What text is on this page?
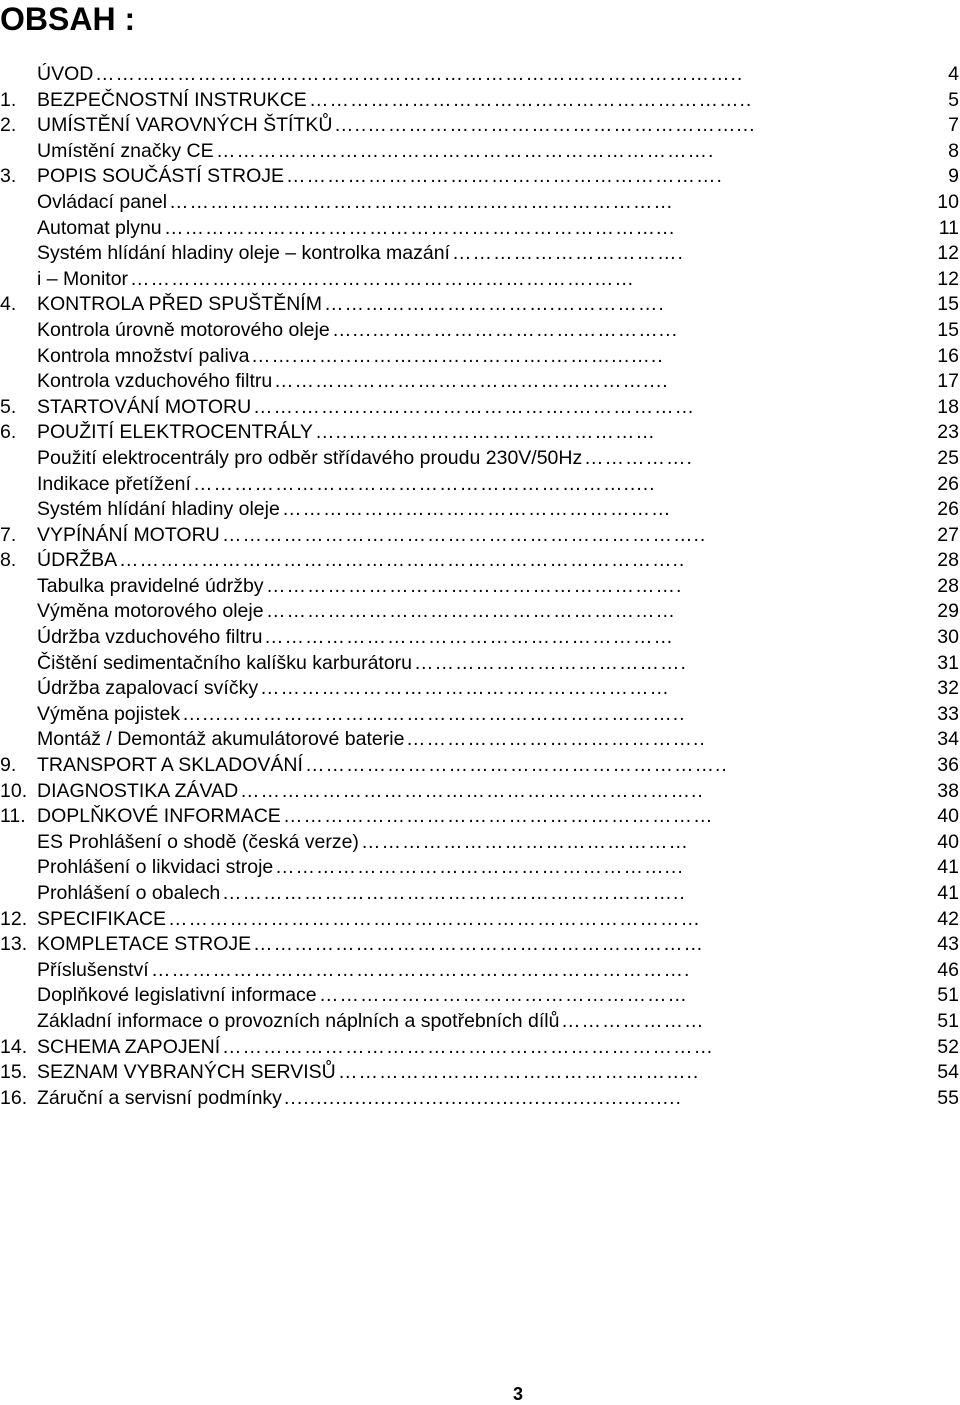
OBSAH :
ÚVOD …………………………………………………………………………………..	4
1. BEZPEČNOSTNÍ INSTRUKCE ………………………………………………………..	5
2. UMÍSTĚNÍ VAROVNÝCH ŠTÍTKŮ …..………………………………………………...	7
Umístění značky CE ……………………………………………………………….	8
3. POPIS SOUČÁSTÍ STROJE ……………………………………………………….	9
Ovládací panel ………………………………………..………………………	10
Automat plynu ………………………………………………………………...	11
Systém hlídání hladiny oleje – kontrolka mazání …………………………….	12
i – Monitor …………….…………………………………………….……	12
4. KONTROLA PŘED SPUŠTĚNÍM …………………………….…………….	15
Kontrola úrovně motorového oleje …...……………………………………...	15
Kontrola množství paliva …….……..……….……………….………...…..	16
Kontrola vzduchového filtru ………………………………………………....	17
5. STARTOVÁNÍ MOTORU …….………...……………………….………………	18
6. POUŽITÍ ELEKTROCENTRÁLY …..………………………………………	23
Použití elektrocentrály pro odběr střídavého proudu 230V/50Hz …………….	25
Indikace přetížení ……………………………………………………….....	26
Systém hlídání hladiny oleje …………………………………………………	26
7. VYPÍNÁNÍ MOTORU ……………………………………………………………..	27
8. ÚDRŽBA ………………………………………………………………………..	28
Tabulka pravidelné údržby …………………………………………………….	28
Výměna motorového oleje ……………………………………………………	29
Údržba vzduchového filtru ……………………………………………………	30
Čištění sedimentačního kalíšku karburátoru ………………………………….	31
Údržba zapalovací svíčky ……………………………………………………	32
Výměna pojistek …...…………………………………………………………..	33
Montáž / Demontáž akumulátorové baterie ……………………………………..	34
9. TRANSPORT A SKLADOVÁNÍ ……………………………………………………..	36
10. DIAGNOSTIKA ZÁVAD …………………………………………………………..	38
11. DOPLŇKOVÉ INFORMACE ………………………………………………………	40
ES Prohlášení o shodě (česká verze) …………………………………………	40
Prohlášení o likvidaci stroje …………………………………………………...	41
Prohlášení o obalech …………………………………………………………..	41
12. SPECIFIKACE ……………………………………………………………………	42
13. KOMPLETACE STROJE …………………………………………………………	43
Příslušenství …………………………………………………………………….	46
Doplňkové legislativní informace ………………………………………………	51
Základní informace o provozních náplních a spotřebních dílů …………………	51
14. SCHEMA ZAPOJENÍ ………………………………………………………………	52
15. SEZNAM VYBRANÝCH SERVISŮ ……………………………………………..	54
16. Záruční a servisní podmínky ..............................................................	55
3
